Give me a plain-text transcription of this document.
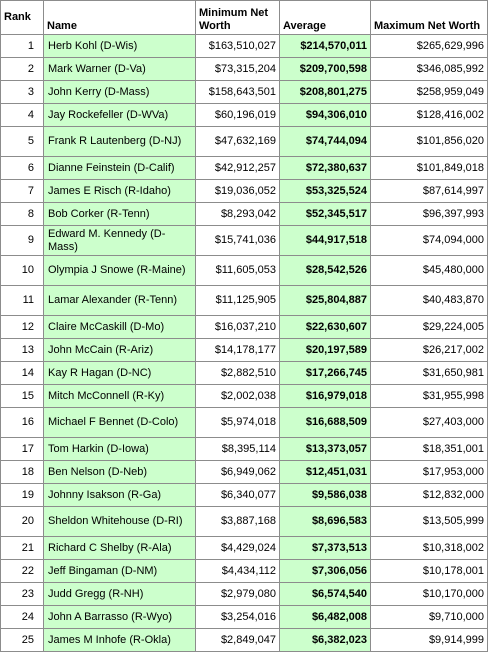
Rank	Name	Minimum Net Worth	Average	Maximum Net Worth
1	Herb Kohl (D-Wis)	$163,510,027	$214,570,011	$265,629,996
2	Mark Warner (D-Va)	$73,315,204	$209,700,598	$346,085,992
3	John Kerry (D-Mass)	$158,643,501	$208,801,275	$258,959,049
4	Jay Rockefeller (D-WVa)	$60,196,019	$94,306,010	$128,416,002
5	Frank R Lautenberg (D-NJ)	$47,632,169	$74,744,094	$101,856,020
6	Dianne Feinstein (D-Calif)	$42,912,257	$72,380,637	$101,849,018
7	James E Risch (R-Idaho)	$19,036,052	$53,325,524	$87,614,997
8	Bob Corker (R-Tenn)	$8,293,042	$52,345,517	$96,397,993
9	Edward M. Kennedy (D-Mass)	$15,741,036	$44,917,518	$74,094,000
10	Olympia J Snowe (R-Maine)	$11,605,053	$28,542,526	$45,480,000
11	Lamar Alexander (R-Tenn)	$11,125,905	$25,804,887	$40,483,870
12	Claire McCaskill (D-Mo)	$16,037,210	$22,630,607	$29,224,005
13	John McCain (R-Ariz)	$14,178,177	$20,197,589	$26,217,002
14	Kay R Hagan (D-NC)	$2,882,510	$17,266,745	$31,650,981
15	Mitch McConnell (R-Ky)	$2,002,038	$16,979,018	$31,955,998
16	Michael F Bennet (D-Colo)	$5,974,018	$16,688,509	$27,403,000
17	Tom Harkin (D-Iowa)	$8,395,114	$13,373,057	$18,351,001
18	Ben Nelson (D-Neb)	$6,949,062	$12,451,031	$17,953,000
19	Johnny Isakson (R-Ga)	$6,340,077	$9,586,038	$12,832,000
20	Sheldon Whitehouse (D-RI)	$3,887,168	$8,696,583	$13,505,999
21	Richard C Shelby (R-Ala)	$4,429,024	$7,373,513	$10,318,002
22	Jeff Bingaman (D-NM)	$4,434,112	$7,306,056	$10,178,001
23	Judd Gregg (R-NH)	$2,979,080	$6,574,540	$10,170,000
24	John A Barrasso (R-Wyo)	$3,254,016	$6,482,008	$9,710,000
25	James M Inhofe (R-Okla)	$2,849,047	$6,382,023	$9,914,999
